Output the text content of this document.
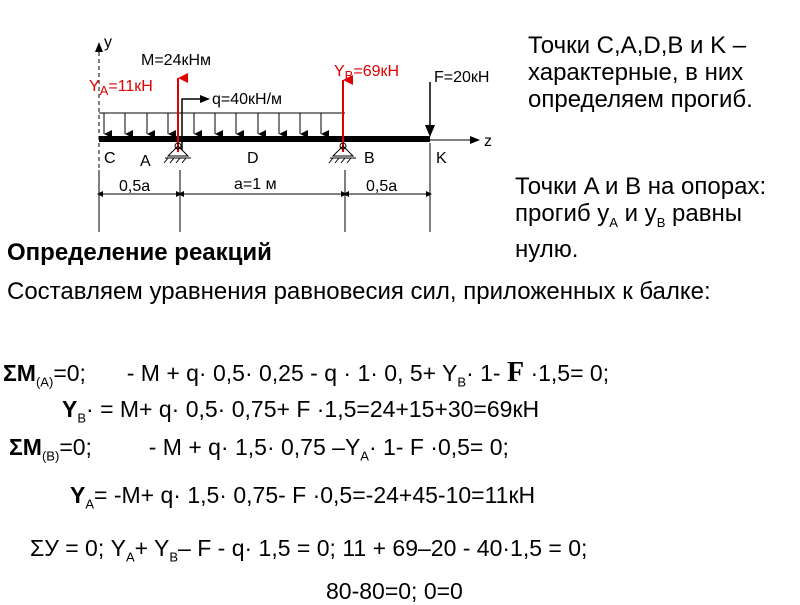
y
z
M=24кНм
$Y_A=11кН$
$Y_B=69кН$ F=20кН
q=40кН/м
C A	D	B	K
0,5a	a=1 м	0,5a
Точки C,A,D,B и K –характерные, в них определяем прогиб.
Точки A и B на опорах: прогиб $y_A$ и $y_B$ равны нулю.
Определение реакций
Составляем уравнения равновесия сил, приложенных к балке:
$\Sigma M_{(A)}=0$; - M + q· 0,5· 0,25 - q · 1· 0, $5+ Y_B\cdot 1-$ F ·1,5= 0;
$Y_B\cdot = M+ q\cdot 0,5\cdot 0,75+ F \cdot 1,5=24+15+30=69кН$
$\Sigma M_{(B)}=0$; - M + q· 1,5· 0,75 $-Y_A\cdot 1-$ F ·0,5= 0;
$Y_A= -M+ q\cdot 1,5\cdot 0,75-$ F ·0,5=-24+45-10=11кН
ΣУ = 0; $Y_A+ Y_B-$ F - q· 1,5 = 0; 11 + 69–20 - 40·1,5 = 0;
80-80=0; 0=0
